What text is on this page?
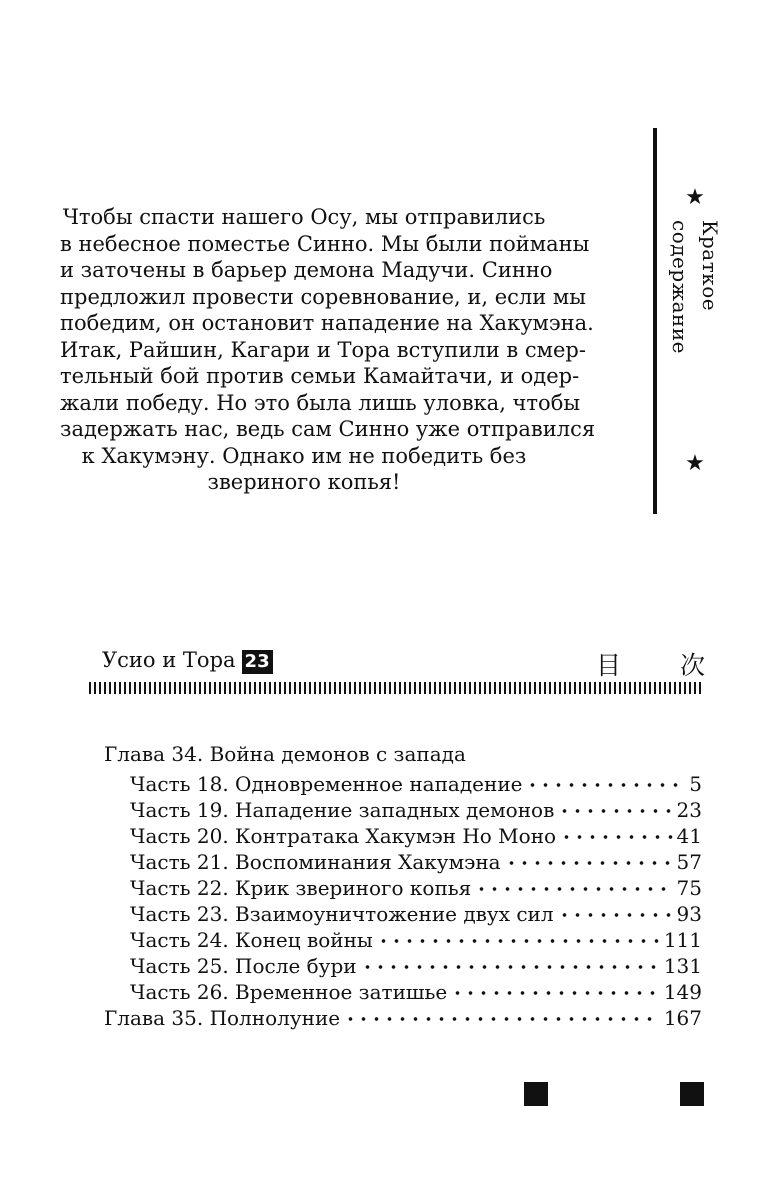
Чтобы спасти нашего Осу, мы отправились
в небесное поместье Синно. Мы были пойманы
и заточены в барьер демона Мадучи. Синно
предложил провести соревнование, и, если мы
победим, он остановит нападение на Хакумэна.
Итак, Райшин, Кагари и Тора вступили в смер-
тельный бой против семьи Камайтачи, и одер-
жали победу. Но это была лишь уловка, чтобы
задержать нас, ведь сам Синно уже отправился
к Хакумэну. Однако им не победить без
звериного копья!
★
Краткое содержание
★
Усио и Тора 23	目 次
Глава 34. Война демонов с запада
Часть 18. Одновременное нападение	5
Часть 19. Нападение западных демонов	23
Часть 20. Контратака Хакумэн Но Моно	41
Часть 21. Воспоминания Хакумэна	57
Часть 22. Крик звериного копья	75
Часть 23. Взаимоуничтожение двух сил	93
Часть 24. Конец войны	111
Часть 25. После бури	131
Часть 26. Временное затишье	149
Глава 35. Полнолуние	167
